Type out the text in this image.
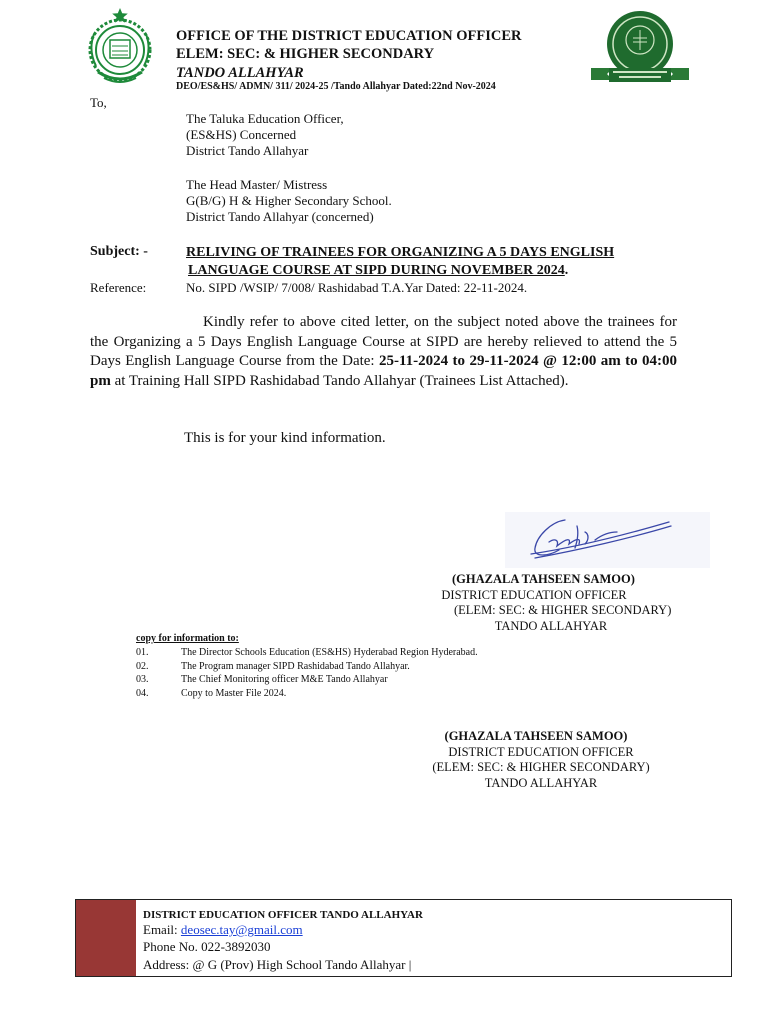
OFFICE OF THE DISTRICT EDUCATION OFFICER
ELEM: SEC: & HIGHER SECONDARY
TANDO ALLAHYAR
DEO/ES&HS/ ADMN/ 311/ 2024-25 /Tando Allahyar Dated:22nd Nov-2024
To,
The Taluka Education Officer,
(ES&HS) Concerned
District Tando Allahyar
The Head Master/ Mistress
G(B/G) H & Higher Secondary School.
District Tando Allahyar (concerned)
Subject: -	RELIVING OF TRAINEES FOR ORGANIZING A 5 DAYS ENGLISH
LANGUAGE COURSE AT SIPD DURING NOVEMBER 2024.
Reference:	No. SIPD /WSIP/ 7/008/ Rashidabad T.A.Yar Dated: 22-11-2024.
Kindly refer to above cited letter, on the subject noted above the trainees for the Organizing a 5 Days English Language Course at SIPD are hereby relieved to attend the 5 Days English Language Course from the Date: 25-11-2024 to 29-11-2024 @ 12:00 am to 04:00 pm at Training Hall SIPD Rashidabad Tando Allahyar (Trainees List Attached).
This is for your kind information.
(GHAZALA TAHSEEN SAMOO)
DISTRICT EDUCATION OFFICER
(ELEM: SEC: & HIGHER SECONDARY)
TANDO ALLAHYAR
copy for information to:
01.	The Director Schools Education (ES&HS) Hyderabad Region Hyderabad.
02.	The Program manager SIPD Rashidabad Tando Allahyar.
03.	The Chief Monitoring officer M&E Tando Allahyar
04.	Copy to Master File 2024.
(GHAZALA TAHSEEN SAMOO)
DISTRICT EDUCATION OFFICER
(ELEM: SEC: & HIGHER SECONDARY)
TANDO ALLAHYAR
DISTRICT EDUCATION OFFICER TANDO ALLAHYAR
Email: deosec.tay@gmail.com
Phone No. 022-3892030
Address: @ G (Prov) High School Tando Allahyar |
